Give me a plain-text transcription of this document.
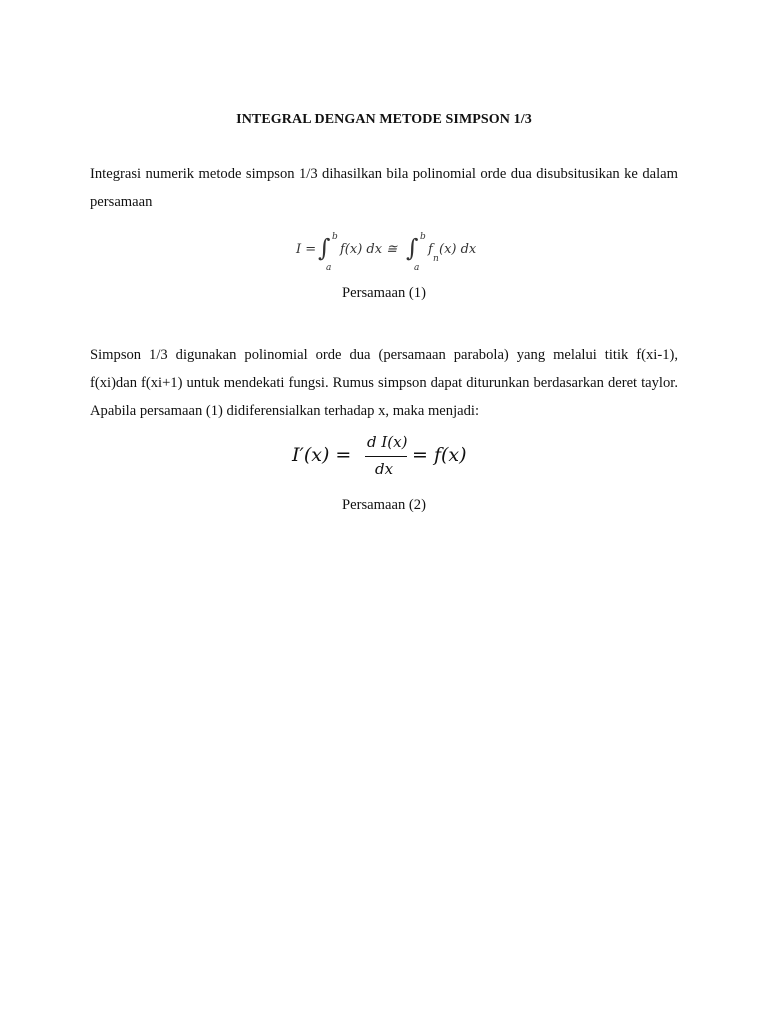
INTEGRAL DENGAN METODE SIMPSON 1/3
Integrasi numerik metode simpson 1/3 dihasilkan bila polinomial orde dua disubsitusikan ke dalam persamaan
I = ∫ b
a
f(x) dx ≅ ∫ b
a
f
n
(x) dx
Persamaan (1)
Simpson 1/3 digunakan polinomial orde dua (persamaan parabola) yang melalui titik f(xi-1), f(xi)dan f(xi+1) untuk mendekati fungsi. Rumus simpson dapat diturunkan berdasarkan deret taylor. Apabila persamaan (1) didiferensialkan terhadap x, maka menjadi:
I′(x) =
d I(x)
dx
= f(x)
Persamaan (2)
